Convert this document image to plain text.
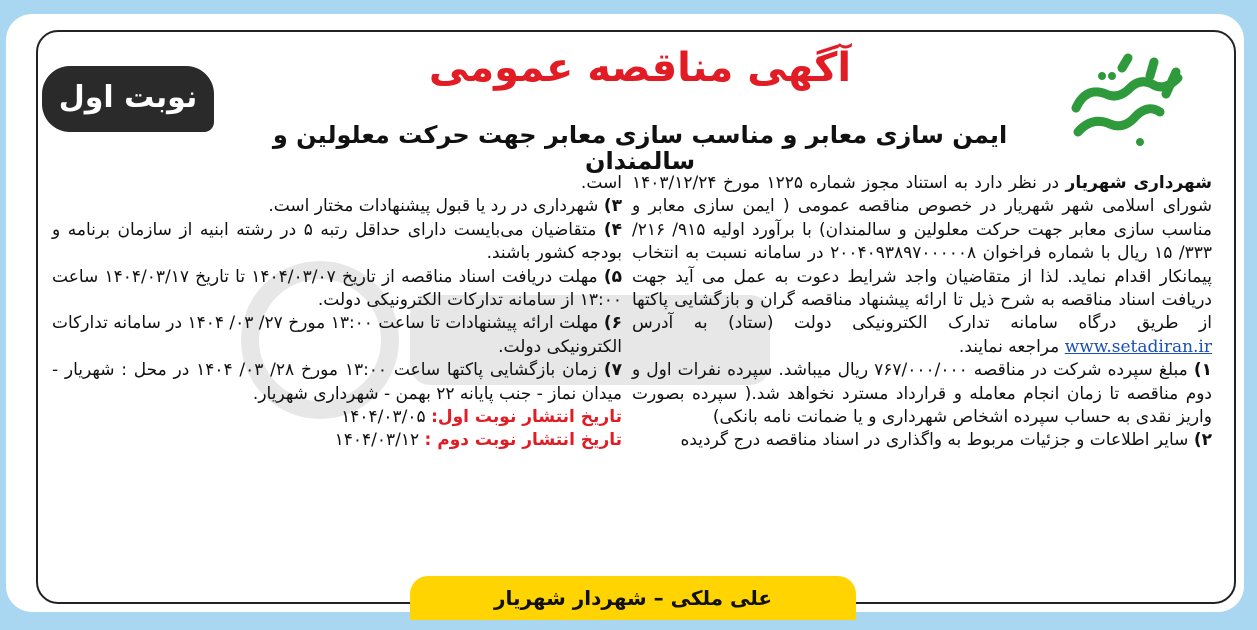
نوبت اول
آگهی مناقصه عمومی
ایمن سازی معابر و مناسب سازی معابر جهت حرکت معلولین و سالمندان

شهرداری شهریار در نظر دارد به استناد مجوز شماره ۱۲۲۵ مورخ ۱۴۰۳/۱۲/۲۴ شورای اسلامی شهر شهریار در خصوص مناقصه عمومی ( ایمن سازی معابر و مناسب سازی معابر جهت حرکت معلولین و سالمندان) با برآورد اولیه ۹۱۵/ ۲۱۶/ ۳۳۳/ ۱۵ ریال با شماره فراخوان ۲۰۰۴۰۹۳۸۹۷۰۰۰۰۰۸ در سامانه نسبت به انتخاب پیمانکار اقدام نماید. لذا از متقاضیان واجد شرایط دعوت به عمل می آید جهت دریافت اسناد مناقصه به شرح ذیل تا ارائه پیشنهاد مناقصه گران و بازگشایی پاکتها از طریق درگاه سامانه تدارک الکترونیکی دولت (ستاد) به آدرس www.setadiran.ir مراجعه نمایند.

۱) مبلغ سپرده شرکت در مناقصه ۷۶۷/۰۰۰/۰۰۰ ریال میباشد. سپرده نفرات اول و دوم مناقصه تا زمان انجام معامله و قرارداد مسترد نخواهد شد.( سپرده بصورت واریز نقدی به حساب سپرده اشخاص شهرداری و یا ضمانت نامه بانکی)

۲) سایر اطلاعات و جزئیات مربوط به واگذاری در اسناد مناقصه درج گردیده

است.

۳) شهرداری در رد یا قبول پیشنهادات مختار است.

۴) متقاضیان می‌بایست دارای حداقل رتبه ۵ در رشته ابنیه از سازمان برنامه و بودجه کشور باشند.

۵) مهلت دریافت اسناد مناقصه از تاریخ ۱۴۰۴/۰۳/۰۷ تا تاریخ ۱۴۰۴/۰۳/۱۷ ساعت ۱۳:۰۰ از سامانه تدارکات الکترونیکی دولت.

۶) مهلت ارائه پیشنهادات تا ساعت ۱۳:۰۰ مورخ ۲۷/ ۰۳/ ۱۴۰۴ در سامانه تدارکات الکترونیکی دولت.

۷) زمان بازگشایی پاکتها ساعت ۱۳:۰۰ مورخ ۲۸/ ۰۳/ ۱۴۰۴ در محل : شهریار - میدان نماز - جنب پایانه ۲۲ بهمن - شهرداری شهریار.

تاریخ انتشار نوبت اول: ۱۴۰۴/۰۳/۰۵

تاریخ انتشار نوبت دوم : ۱۴۰۴/۰۳/۱۲

علی ملکی – شهردار شهریار
